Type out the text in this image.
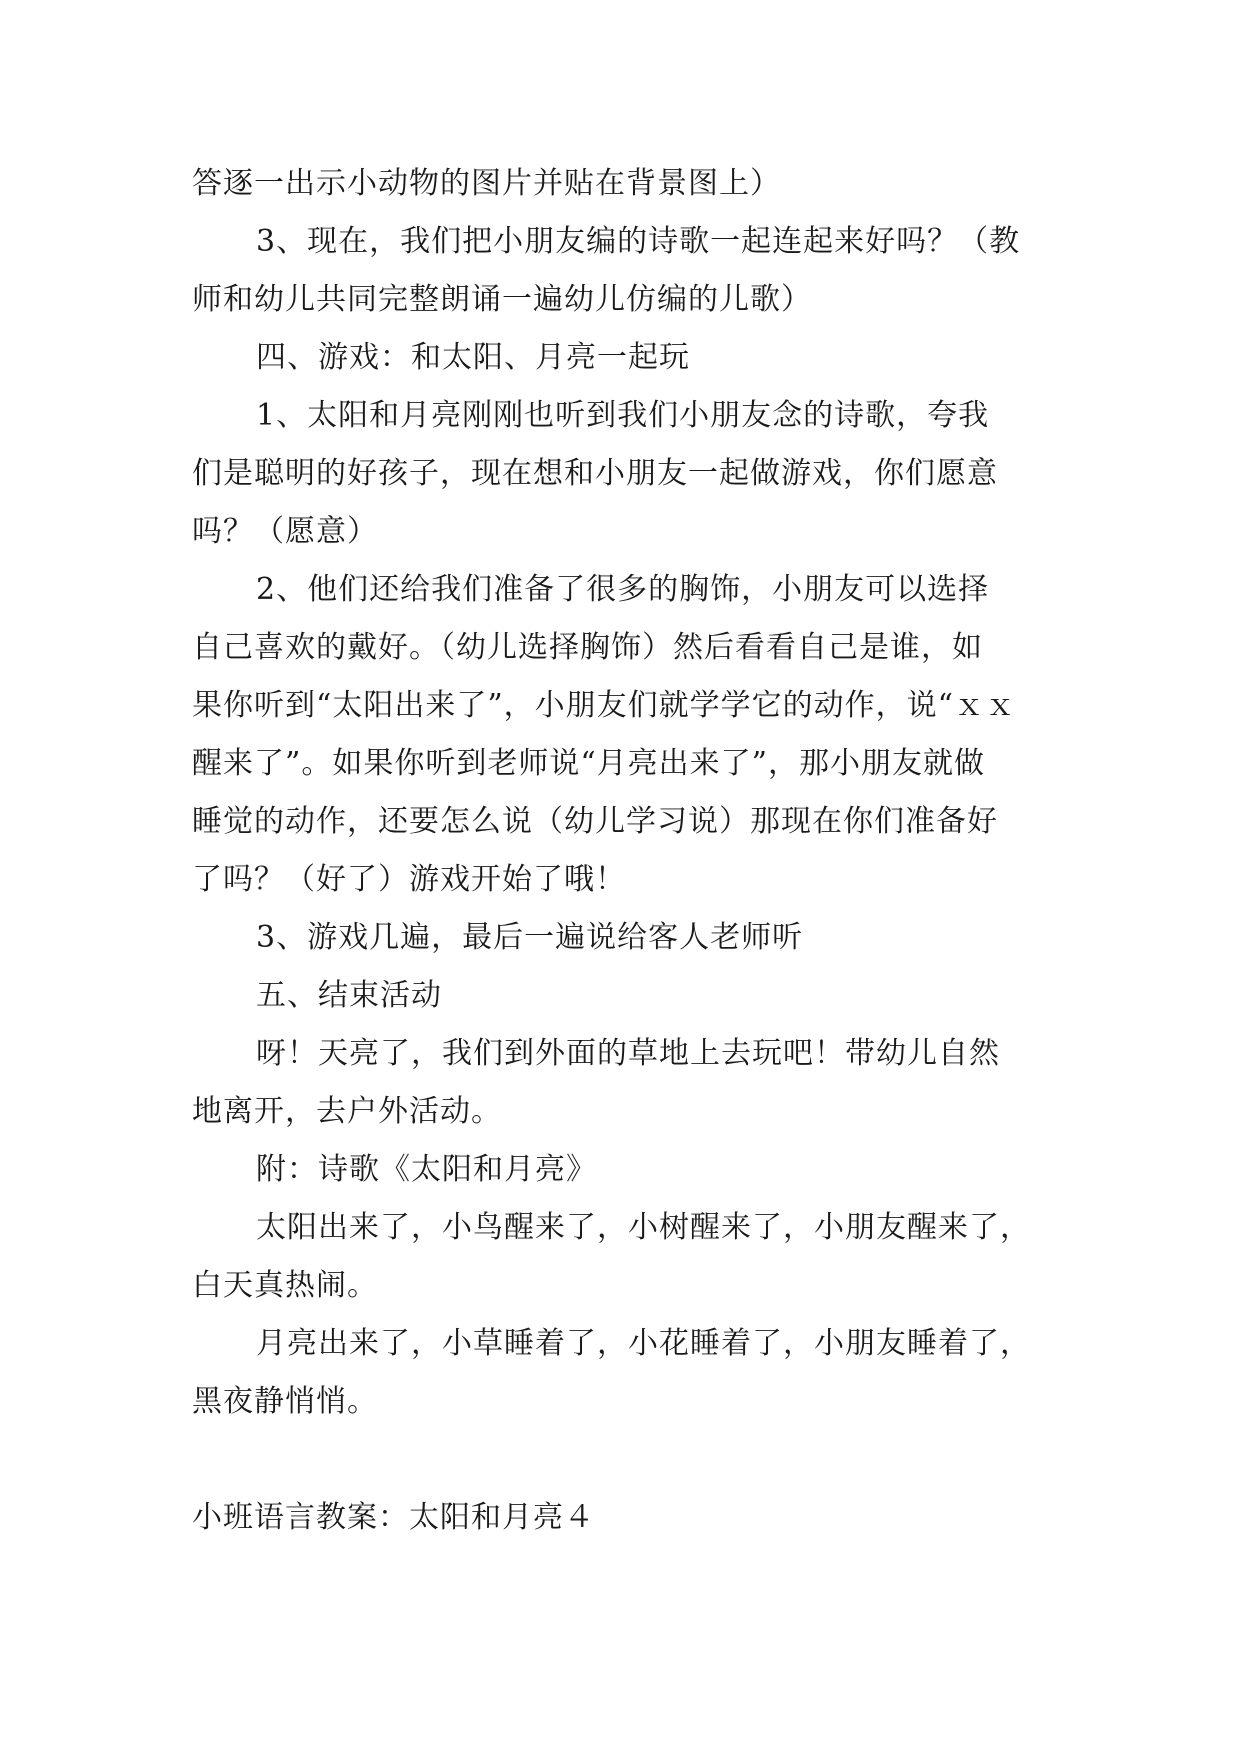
答逐一出示小动物的图片并贴在背景图上）
3、现在，我们把小朋友编的诗歌一起连起来好吗？（教
师和幼儿共同完整朗诵一遍幼儿仿编的儿歌）
四、游戏：和太阳、月亮一起玩
1、太阳和月亮刚刚也听到我们小朋友念的诗歌，夸我
们是聪明的好孩子，现在想和小朋友一起做游戏，你们愿意
吗？（愿意）
2、他们还给我们准备了很多的胸饰，小朋友可以选择
自己喜欢的戴好。（幼儿选择胸饰）然后看看自己是谁，如
果你听到“太阳出来了”，小朋友们就学学它的动作，说“ｘｘ
醒来了”。如果你听到老师说“月亮出来了”，那小朋友就做
睡觉的动作，还要怎么说（幼儿学习说）那现在你们准备好
了吗？（好了）游戏开始了哦！
3、游戏几遍，最后一遍说给客人老师听
五、结束活动
呀！天亮了，我们到外面的草地上去玩吧！带幼儿自然
地离开，去户外活动。
附：诗歌《太阳和月亮》
太阳出来了，小鸟醒来了，小树醒来了，小朋友醒来了，
白天真热闹。
月亮出来了，小草睡着了，小花睡着了，小朋友睡着了，
黑夜静悄悄。
小班语言教案：太阳和月亮４
